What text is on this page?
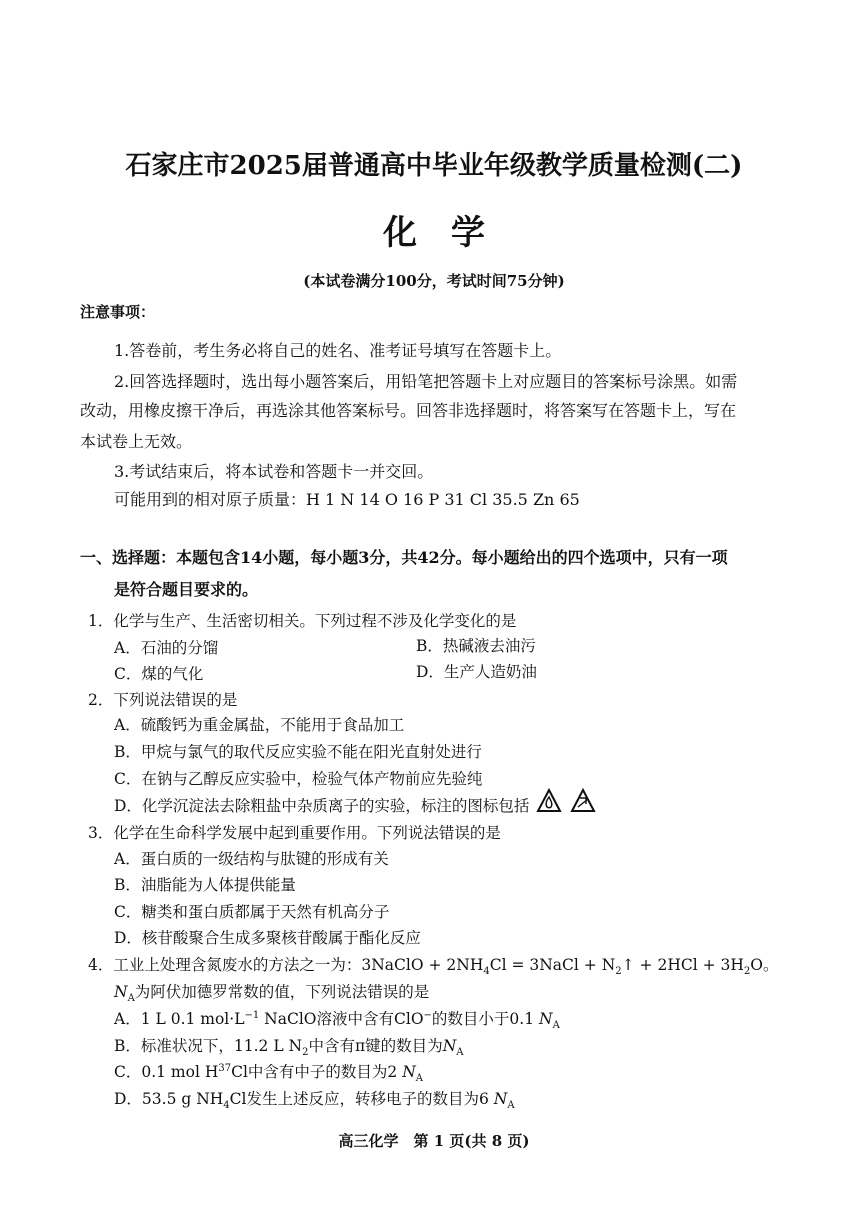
石家庄市2025届普通高中毕业年级教学质量检测(二)
化学
(本试卷满分100分，考试时间75分钟)
注意事项：
1.答卷前，考生务必将自己的姓名、准考证号填写在答题卡上。
2.回答选择题时，选出每小题答案后，用铅笔把答题卡上对应题目的答案标号涂黑。如需
改动，用橡皮擦干净后，再选涂其他答案标号。回答非选择题时，将答案写在答题卡上，写在
本试卷上无效。
3.考试结束后，将本试卷和答题卡一并交回。
可能用到的相对原子质量：H 1 N 14 O 16 P 31 Cl 35.5 Zn 65
一、选择题：本题包含14小题，每小题3分，共42分。每小题给出的四个选项中，只有一项
是符合题目要求的。
1．化学与生产、生活密切相关。下列过程不涉及化学变化的是
A．石油的分馏	B．热碱液去油污
C．煤的气化	D．生产人造奶油
2．下列说法错误的是
A．硫酸钙为重金属盐，不能用于食品加工
B．甲烷与氯气的取代反应实验不能在阳光直射处进行
C．在钠与乙醇反应实验中，检验气体产物前应先验纯
D．化学沉淀法去除粗盐中杂质离子的实验，标注的图标包括
3．化学在生命科学发展中起到重要作用。下列说法错误的是
A．蛋白质的一级结构与肽键的形成有关
B．油脂能为人体提供能量
C．糖类和蛋白质都属于天然有机高分子
D．核苷酸聚合生成多聚核苷酸属于酯化反应
4．工业上处理含氮废水的方法之一为：3NaClO + $2NH_4Cl$ = 3NaCl + $N_2↑ + 2HCl + 3H_2O$。
$N_A$为阿伏加德罗常数的值，下列说法错误的是
A．1 L 0.1 $mol\cdot L^{-1}$ NaClO溶液中含有ClO−的数目小于0.1 $N_A$
B．标准状况下，11.2 L $N_2$中含有π键的数目为$N_A$
C．0.1 mol $H^{37}Cl$中含有中子的数目为2 $N_A$
D．53.5 g $NH_4Cl$发生上述反应，转移电子的数目为6 $N_A$
高三化学　第 1 页(共 8 页)
